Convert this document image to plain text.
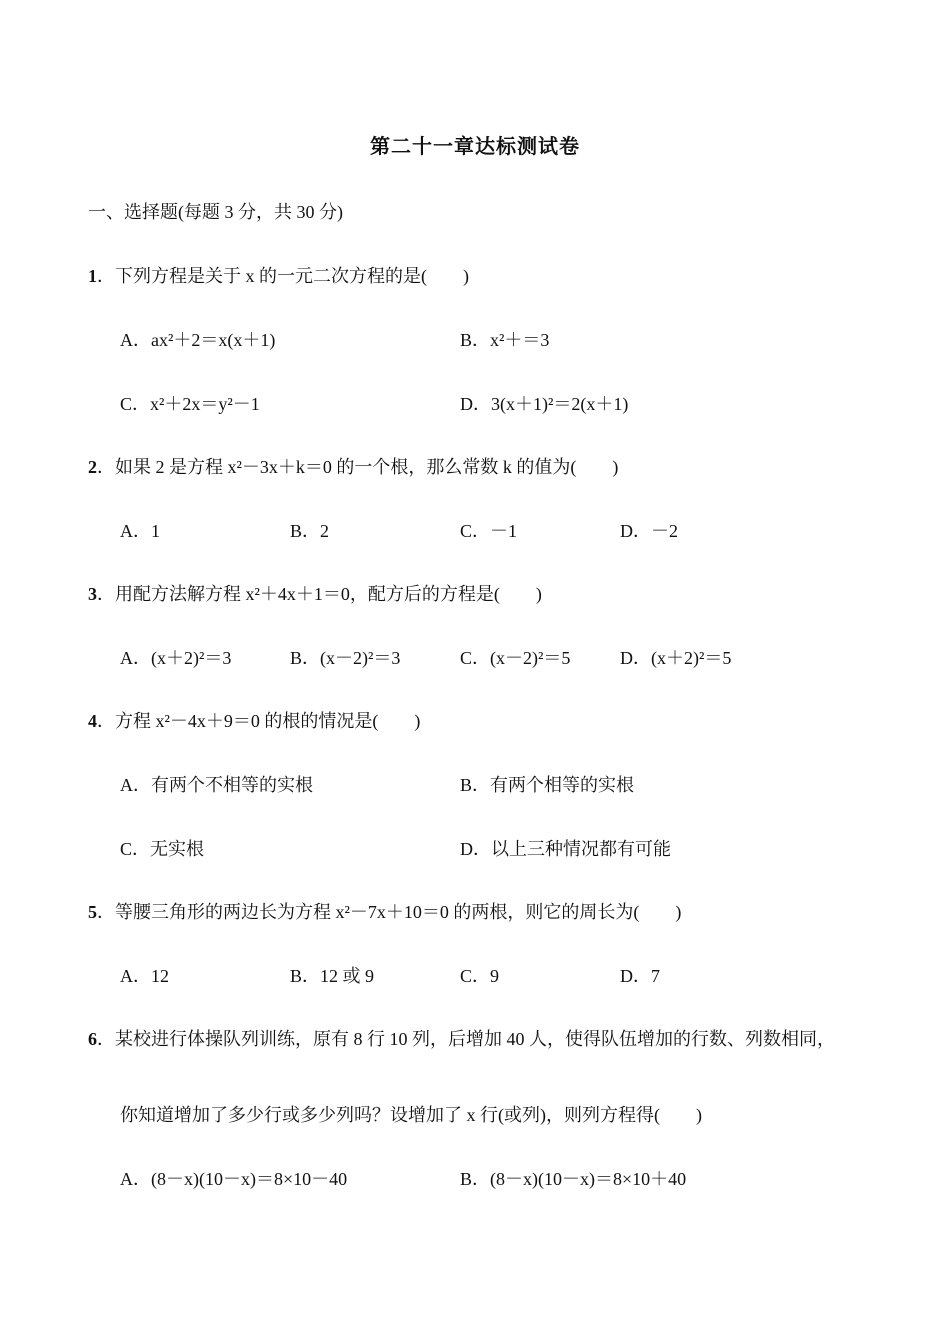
第二十一章达标测试卷
一、选择题(每题 3 分，共 30 分)
1．下列方程是关于 x 的一元二次方程的是(　　)
A．ax²＋2＝x(x＋1)	B．x²＋＝3
C．x²＋2x＝y²－1	D．3(x＋1)²＝2(x＋1)
2．如果 2 是方程 x²－3x＋k＝0 的一个根，那么常数 k 的值为(　　)
A．1	B．2	C．－1	D．－2
3．用配方法解方程 x²＋4x＋1＝0，配方后的方程是(　　)
A．(x＋2)²＝3	B．(x－2)²＝3	C．(x－2)²＝5	D．(x＋2)²＝5
4．方程 x²－4x＋9＝0 的根的情况是(　　)
A．有两个不相等的实根	B．有两个相等的实根
C．无实根	D．以上三种情况都有可能
5．等腰三角形的两边长为方程 x²－7x＋10＝0 的两根，则它的周长为(　　)
A．12	B．12 或 9	C．9	D．7
6．某校进行体操队列训练，原有 8 行 10 列，后增加 40 人，使得队伍增加的行数、列数相同，
你知道增加了多少行或多少列吗？设增加了 x 行(或列)，则列方程得(　　)
A．(8－x)(10－x)＝8×10－40	B．(8－x)(10－x)＝8×10＋40
